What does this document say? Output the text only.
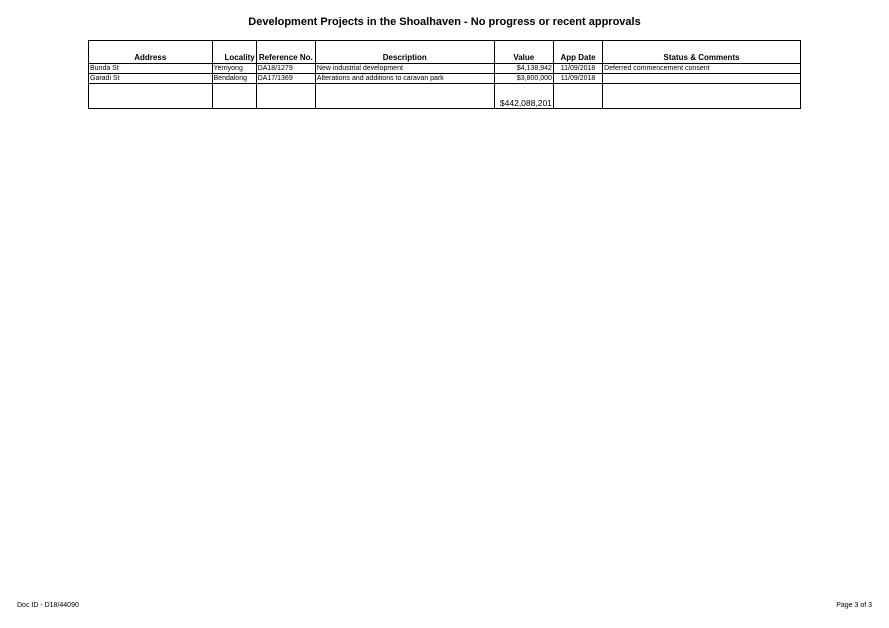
Development Projects in the Shoalhaven - No progress or recent approvals
Address	Locality	Reference No.	Description	Value	App Date	Status & Comments
Bunda St	Yerriyong	DA18/1279	New industrial development	$4,138,942	11/09/2018	Deferred commencement consent
Garadi St	Bendalong	DA17/1369	Alterations and additions to caravan park	$3,800,000	11/09/2018	
				$442,088,201		
Doc ID - D18/44090	Page 3 of 3
